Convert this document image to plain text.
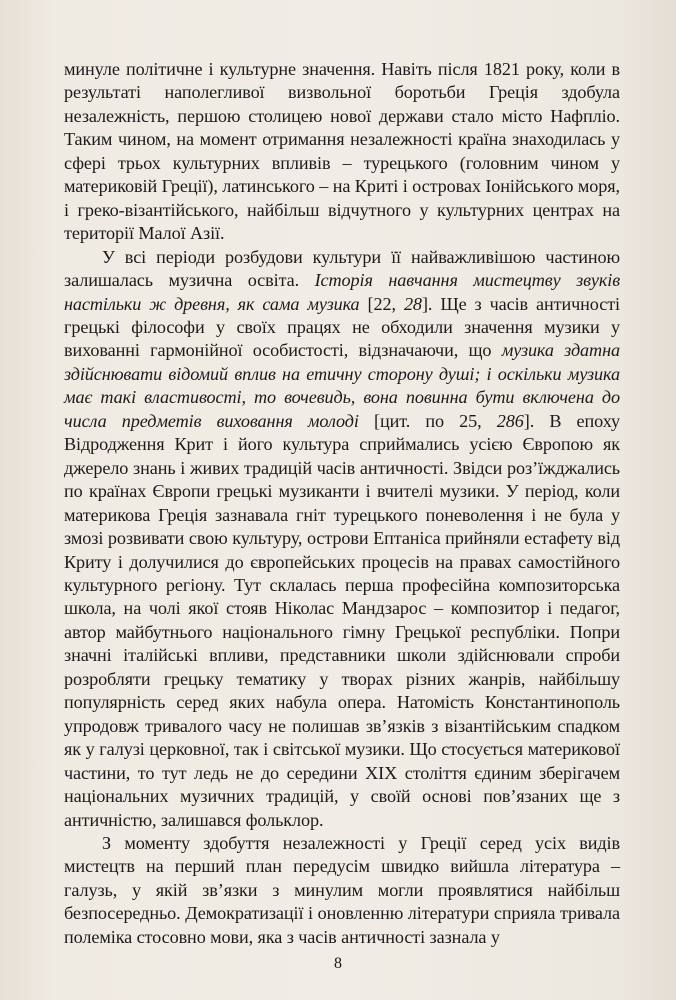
минуле політичне і культурне значення. Навіть після 1821 року, коли в результаті наполегливої визвольної боротьби Греція здобула незалежність, першою столицею нової держави стало місто Нафпліо. Таким чином, на момент отримання незалежності країна знаходилась у сфері трьох культурних впливів – турецького (головним чином у материковій Греції), латинського – на Криті і островах Іонійського моря, і греко-візантійського, найбільш відчутного у культурних центрах на території Малої Азії.

У всі періоди розбудови культури її найважливішою частиною залишалась музична освіта. Історія навчання мистецтву звуків настільки ж древня, як сама музика [22, 28]. Ще з часів античності грецькі філософи у своїх працях не обходили значення музики у вихованні гармонійної особистості, відзначаючи, що музика здатна здійснювати відомий вплив на етичну сторону душі; і оскільки музика має такі властивості, то вочевидь, вона повинна бути включена до числа предметів виховання молоді [цит. по 25, 286]. В епоху Відродження Крит і його культура сприймались усією Європою як джерело знань і живих традицій часів античності. Звідси роз’їжджались по країнах Європи грецькі музиканти і вчителі музики. У період, коли материкова Греція зазнавала гніт турецького поневолення і не була у змозі розвивати свою культуру, острови Ептаніса прийняли естафету від Криту і долучилися до європейських процесів на правах самостійного культурного регіону. Тут склалась перша професійна композиторська школа, на чолі якої стояв Ніколас Мандзарос – композитор і педагог, автор майбутнього національного гімну Грецької республіки. Попри значні італійські впливи, представники школи здійснювали спроби розробляти грецьку тематику у творах різних жанрів, найбільшу популярність серед яких набула опера. Натомість Константинополь упродовж тривалого часу не полишав зв’язків з візантійським спадком як у галузі церковної, так і світської музики. Що стосується материкової частини, то тут ледь не до середини XIX століття єдиним зберігачем національних музичних традицій, у своїй основі пов’язаних ще з античністю, залишався фольклор.

З моменту здобуття незалежності у Греції серед усіх видів мистецтв на перший план передусім швидко вийшла література – галузь, у якій зв’язки з минулим могли проявлятися найбільш безпосередньо. Демократизації і оновленню літератури сприяла тривала полеміка стосовно мови, яка з часів античності зазнала у

8
